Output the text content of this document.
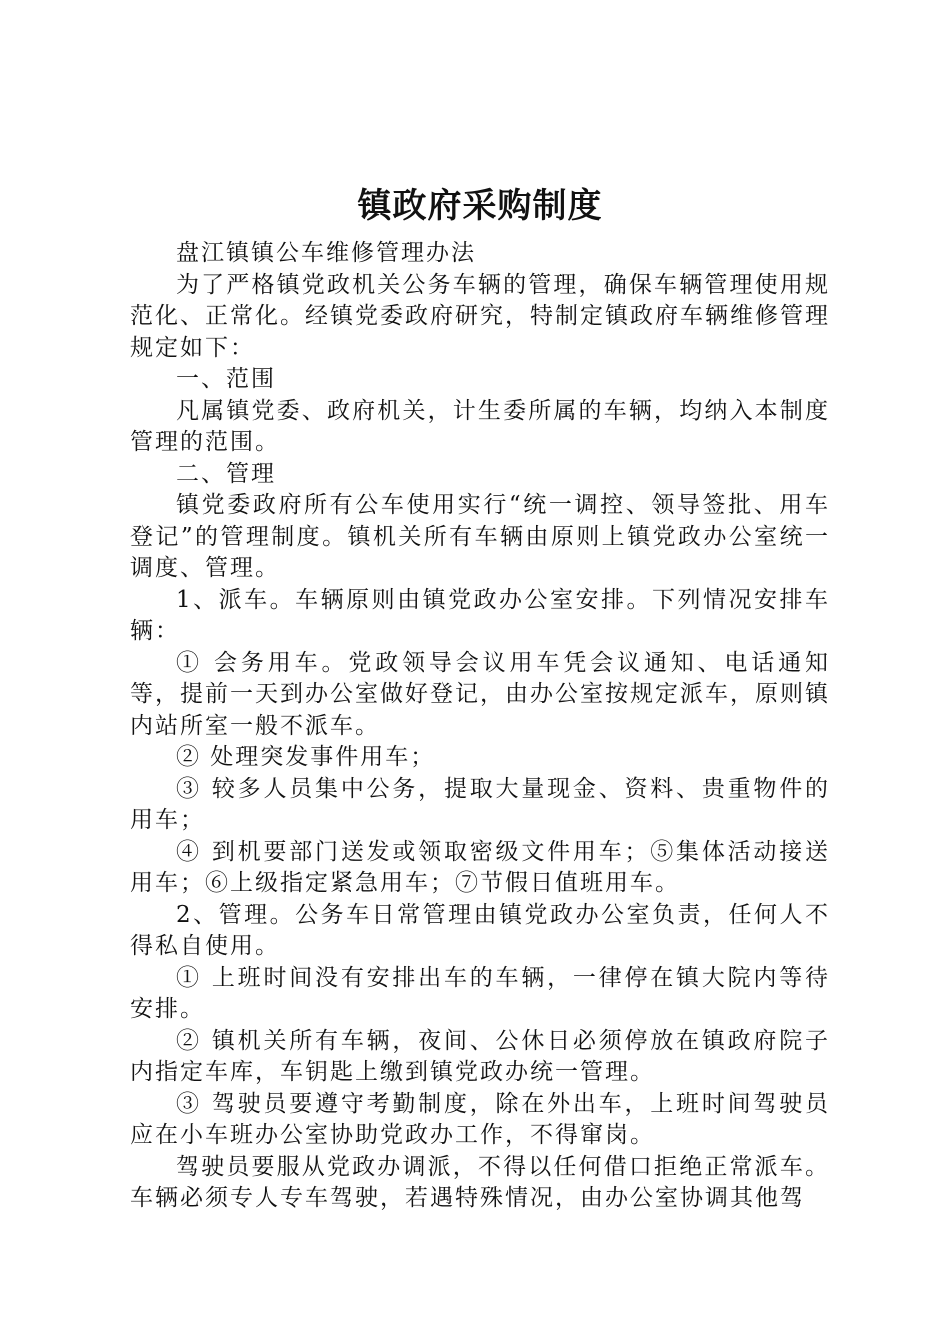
镇政府采购制度

盘江镇镇公车维修管理办法

为了严格镇党政机关公务车辆的管理，确保车辆管理使用规范化、正常化。经镇党委政府研究，特制定镇政府车辆维修管理规定如下：

一、范围

凡属镇党委、政府机关，计生委所属的车辆，均纳入本制度管理的范围。

二、管理

镇党委政府所有公车使用实行“统一调控、领导签批、用车登记”的管理制度。镇机关所有车辆由原则上镇党政办公室统一调度、管理。

1、派车。车辆原则由镇党政办公室安排。下列情况安排车辆：

① 会务用车。党政领导会议用车凭会议通知、电话通知等，提前一天到办公室做好登记，由办公室按规定派车，原则镇内站所室一般不派车。

② 处理突发事件用车；

③ 较多人员集中公务，提取大量现金、资料、贵重物件的用车；

④ 到机要部门送发或领取密级文件用车；⑤集体活动接送用车；⑥上级指定紧急用车；⑦节假日值班用车。

2、管理。公务车日常管理由镇党政办公室负责，任何人不得私自使用。

① 上班时间没有安排出车的车辆，一律停在镇大院内等待安排。

② 镇机关所有车辆，夜间、公休日必须停放在镇政府院子内指定车库，车钥匙上缴到镇党政办统一管理。

③ 驾驶员要遵守考勤制度，除在外出车，上班时间驾驶员应在小车班办公室协助党政办工作，不得窜岗。

驾驶员要服从党政办调派，不得以任何借口拒绝正常派车。车辆必须专人专车驾驶，若遇特殊情况，由办公室协调其他驾
